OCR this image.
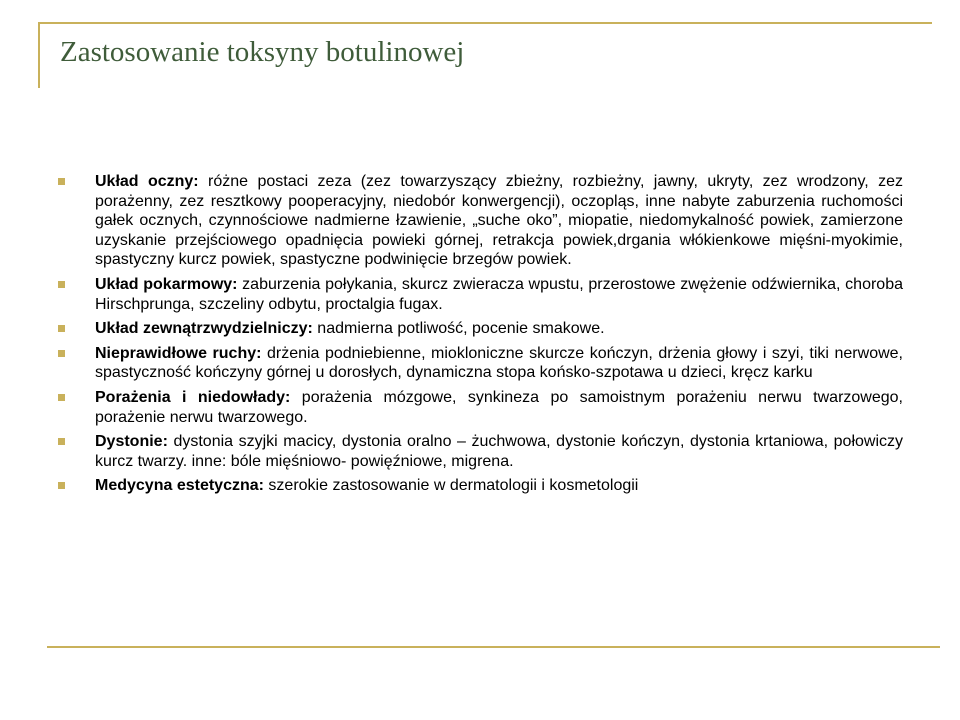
Zastosowanie toksyny botulinowej
Układ oczny: różne postaci zeza (zez towarzyszący zbieżny, rozbieżny, jawny, ukryty, zez wrodzony, zez porażenny, zez resztkowy pooperacyjny, niedobór konwergencji), oczopląs, inne nabyte zaburzenia ruchomości gałek ocznych, czynnościowe nadmierne łzawienie, „suche oko”, miopatie, niedomykalność powiek, zamierzone uzyskanie przejściowego opadnięcia powieki górnej, retrakcja powiek,drgania włókienkowe mięśni-myokimie, spastyczny kurcz powiek, spastyczne podwinięcie brzegów powiek.
Układ pokarmowy: zaburzenia połykania, skurcz zwieracza wpustu, przerostowe zwężenie odźwiernika, choroba Hirschprunga, szczeliny odbytu, proctalgia fugax.
Układ zewnątrzwydzielniczy: nadmierna potliwość, pocenie smakowe.
Nieprawidłowe ruchy: drżenia podniebienne, miokloniczne skurcze kończyn, drżenia głowy i szyi, tiki nerwowe, spastyczność kończyny górnej u dorosłych, dynamiczna stopa końsko-szpotawa u dzieci, kręcz karku
Porażenia i niedowłady: porażenia mózgowe, synkineza po samoistnym porażeniu nerwu twarzowego, porażenie nerwu twarzowego.
Dystonie: dystonia szyjki macicy, dystonia oralno – żuchwowa, dystonie kończyn, dystonia krtaniowa, połowiczy kurcz twarzy. inne: bóle mięśniowo- powięźniowe, migrena.
Medycyna estetyczna: szerokie zastosowanie w dermatologii i kosmetologii
